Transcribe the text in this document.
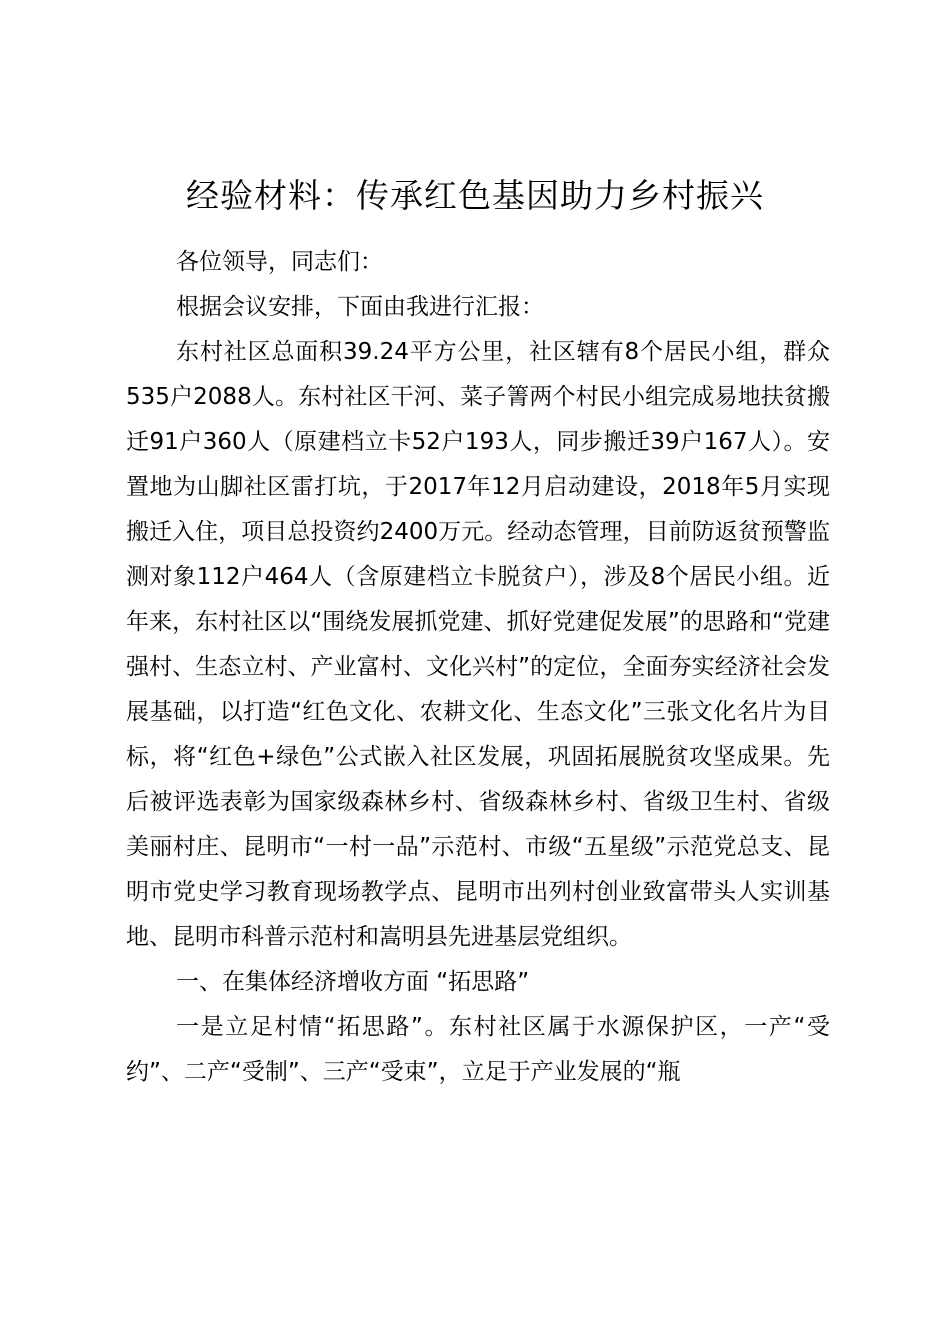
经验材料：传承红色基因助力乡村振兴

各位领导，同志们：

根据会议安排，下面由我进行汇报：

东村社区总面积39.24平方公里，社区辖有8个居民小组，群众535户2088人。东村社区干河、菜子箐两个村民小组完成易地扶贫搬迁91户360人（原建档立卡52户193人，同步搬迁39户167人）。安置地为山脚社区雷打坑，于2017年12月启动建设，2018年5月实现搬迁入住，项目总投资约2400万元。经动态管理，目前防返贫预警监测对象112户464人（含原建档立卡脱贫户），涉及8个居民小组。近年来，东村社区以“围绕发展抓党建、抓好党建促发展”的思路和“党建强村、生态立村、产业富村、文化兴村”的定位，全面夯实经济社会发展基础，以打造“红色文化、农耕文化、生态文化”三张文化名片为目标，将“红色+绿色”公式嵌入社区发展，巩固拓展脱贫攻坚成果。先后被评选表彰为国家级森林乡村、省级森林乡村、省级卫生村、省级美丽村庄、昆明市“一村一品”示范村、市级“五星级”示范党总支、昆明市党史学习教育现场教学点、昆明市出列村创业致富带头人实训基地、昆明市科普示范村和嵩明县先进基层党组织。

一、在集体经济增收方面 “拓思路”

一是立足村情“拓思路”。东村社区属于水源保护区，一产“受约”、二产“受制”、三产“受束”，立足于产业发展的“瓶
